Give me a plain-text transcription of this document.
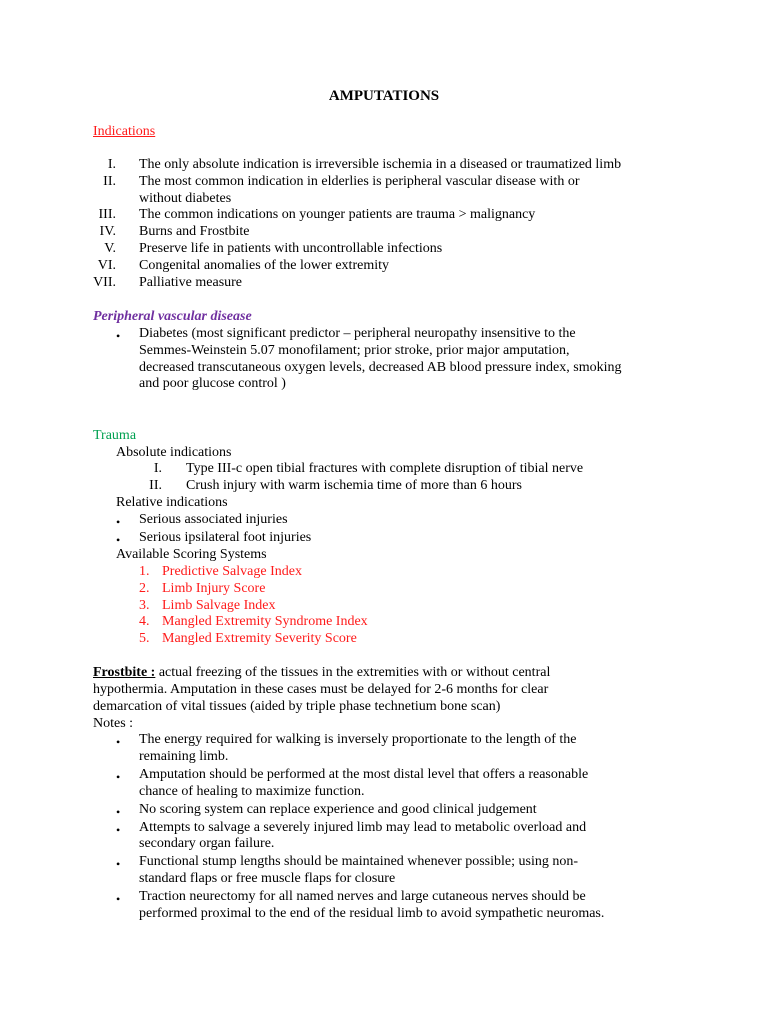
AMPUTATIONS
Indications
I. The only absolute indication is irreversible ischemia in a diseased or traumatized limb
II. The most common indication in elderlies is peripheral vascular disease with or
without diabetes
III. The common indications on younger patients are trauma > malignancy
IV. Burns and Frostbite
V. Preserve life in patients with uncontrollable infections
VI. Congenital anomalies of the lower extremity
VII. Palliative measure
Peripheral vascular disease
• Diabetes (most significant predictor – peripheral neuropathy insensitive to the
Semmes-Weinstein 5.07 monofilament; prior stroke, prior major amputation,
decreased transcutaneous oxygen levels, decreased AB blood pressure index, smoking
and poor glucose control )
Trauma
Absolute indications
I. Type III-c open tibial fractures with complete disruption of tibial nerve
II. Crush injury with warm ischemia time of more than 6 hours
Relative indications
• Serious associated injuries
• Serious ipsilateral foot injuries
Available Scoring Systems
1. Predictive Salvage Index
2. Limb Injury Score
3. Limb Salvage Index
4. Mangled Extremity Syndrome Index
5. Mangled Extremity Severity Score
Frostbite : actual freezing of the tissues in the extremities with or without central
hypothermia. Amputation in these cases must be delayed for 2-6 months for clear
demarcation of vital tissues (aided by triple phase technetium bone scan)
Notes :
• The energy required for walking is inversely proportionate to the length of the
remaining limb.
• Amputation should be performed at the most distal level that offers a reasonable
chance of healing to maximize function.
• No scoring system can replace experience and good clinical judgement
• Attempts to salvage a severely injured limb may lead to metabolic overload and
secondary organ failure.
• Functional stump lengths should be maintained whenever possible; using non-
standard flaps or free muscle flaps for closure
• Traction neurectomy for all named nerves and large cutaneous nerves should be
performed proximal to the end of the residual limb to avoid sympathetic neuromas.
